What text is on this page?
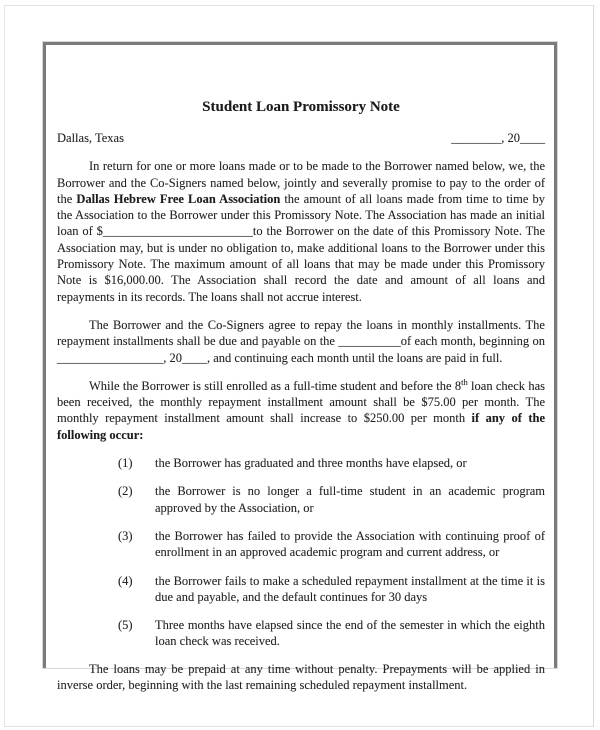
Student Loan Promissory Note
Dallas, Texas	________, 20____

In return for one or more loans made or to be made to the Borrower named below, we, the Borrower and the Co-Signers named below, jointly and severally promise to pay to the order of the Dallas Hebrew Free Loan Association the amount of all loans made from time to time by the Association to the Borrower under this Promissory Note. The Association has made an initial loan of $________________________to the Borrower on the date of this Promissory Note. The Association may, but is under no obligation to, make additional loans to the Borrower under this Promissory Note. The maximum amount of all loans that may be made under this Promissory Note is $16,000.00. The Association shall record the date and amount of all loans and repayments in its records. The loans shall not accrue interest.

The Borrower and the Co-Signers agree to repay the loans in monthly installments. The repayment installments shall be due and payable on the __________of each month, beginning on _________________, 20____, and continuing each month until the loans are paid in full.

While the Borrower is still enrolled as a full-time student and before the 8th loan check has been received, the monthly repayment installment amount shall be $75.00 per month. The monthly repayment installment amount shall increase to $250.00 per month if any of the following occur:

(1)	the Borrower has graduated and three months have elapsed, or
(2)	the Borrower is no longer a full-time student in an academic program approved by the Association, or
(3)	the Borrower has failed to provide the Association with continuing proof of enrollment in an approved academic program and current address, or
(4)	the Borrower fails to make a scheduled repayment installment at the time it is due and payable, and the default continues for 30 days
(5)	Three months have elapsed since the end of the semester in which the eighth loan check was received.

The loans may be prepaid at any time without penalty. Prepayments will be applied in inverse order, beginning with the last remaining scheduled repayment installment.
